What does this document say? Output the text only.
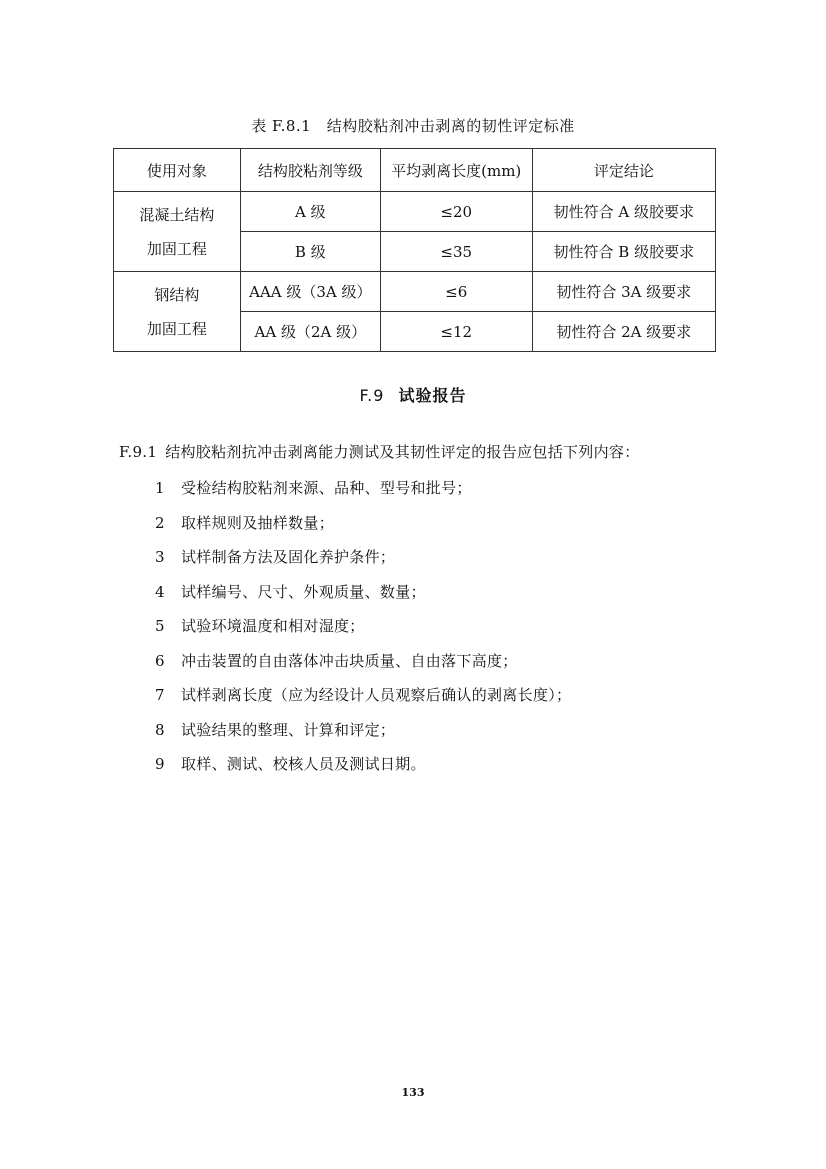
表 F.8.1　结构胶粘剂冲击剥离的韧性评定标准
使用对象	结构胶粘剂等级	平均剥离长度(mm)	评定结论

混凝土结构
加固工程	A 级	≤20	韧性符合 A 级胶要求
	B 级	≤35	韧性符合 B 级胶要求

钢结构
加固工程	AAA 级（3A 级）	≤6	韧性符合 3A 级要求
	AA 级（2A 级）	≤12	韧性符合 2A 级要求
F.9 试验报告
F.9.1 结构胶粘剂抗冲击剥离能力测试及其韧性评定的报告应包括下列内容：
1 受检结构胶粘剂来源、品种、型号和批号；
2 取样规则及抽样数量；
3 试样制备方法及固化养护条件；
4 试样编号、尺寸、外观质量、数量；
5 试验环境温度和相对湿度；
6 冲击装置的自由落体冲击块质量、自由落下高度；
7 试样剥离长度（应为经设计人员观察后确认的剥离长度）；
8 试验结果的整理、计算和评定；
9 取样、测试、校核人员及测试日期。
133
